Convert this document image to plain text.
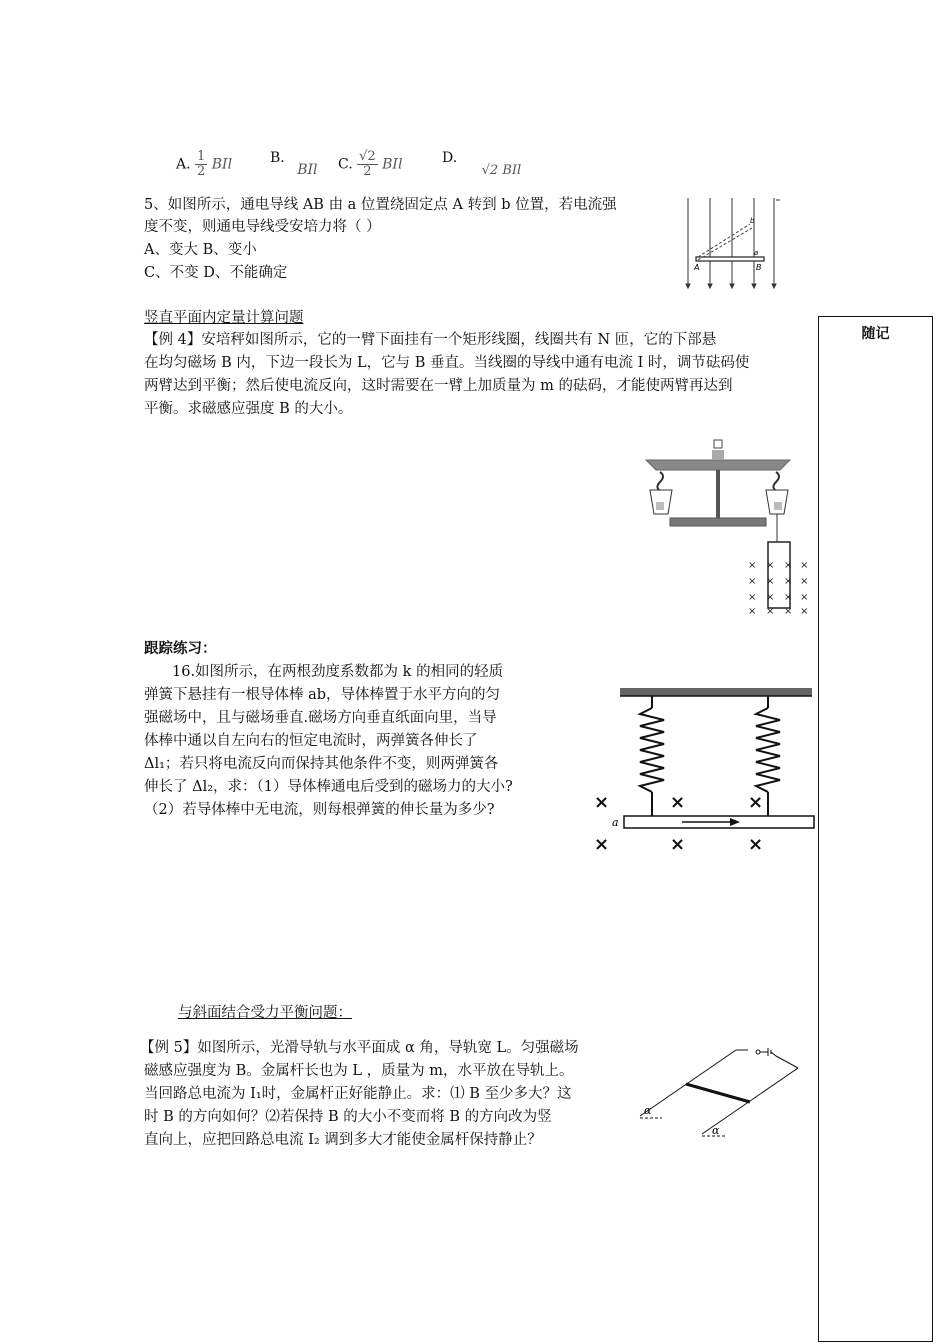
A. $\frac{1}{2}$ BIl	B. BIl C. $\frac{√2}{2}$ BIl	D. √2 BIl
5、如图所示，通电导线 AB 由 a 位置绕固定点 A 转到 b 位置，若电流强
度不变，则通电导线受安培力将（ ）
A、变大 B、变小
C、不变 D、不能确定	A	B
a
b
随记
竖直平面内定量计算问题
【例 4】安培秤如图所示，它的一臂下面挂有一个矩形线圈，线圈共有 N 匝，它的下部悬
在均匀磁场 B 内，下边一段长为 L，它与 B 垂直。当线圈的导线中通有电流 I 时，调节砝码使
两臂达到平衡；然后使电流反向，这时需要在一臂上加质量为 m 的砝码，才能使两臂再达到
平衡。求磁感应强度 B 的大小。
× × × ×
× × × ×
× × × ×
× × × ×
跟踪练习：
16.如图所示，在两根劲度系数都为 k 的相同的轻质
弹簧下悬挂有一根导体棒 ab，导体棒置于水平方向的匀
强磁场中，且与磁场垂直.磁场方向垂直纸面向里，当导
体棒中通以自左向右的恒定电流时，两弹簧各伸长了
Δl₁；若只将电流反向而保持其他条件不变，则两弹簧各
伸长了 Δl₂，求：（1）导体棒通电后受到的磁场力的大小?
（2）若导体棒中无电流，则每根弹簧的伸长量为多少?
a
×	×	×
×	×	×
与斜面结合受力平衡问题：
【例 5】如图所示，光滑导轨与水平面成 α 角，导轨宽 L。匀强磁场
磁感应强度为 B。金属杆长也为 L ，质量为 m，水平放在导轨上。
当回路总电流为 I₁时，金属杆正好能静止。求：⑴ B 至少多大？这
时 B 的方向如何？⑵若保持 B 的大小不变而将 B 的方向改为竖
直向上，应把回路总电流 I₂ 调到多大才能使金属杆保持静止？
α
α
